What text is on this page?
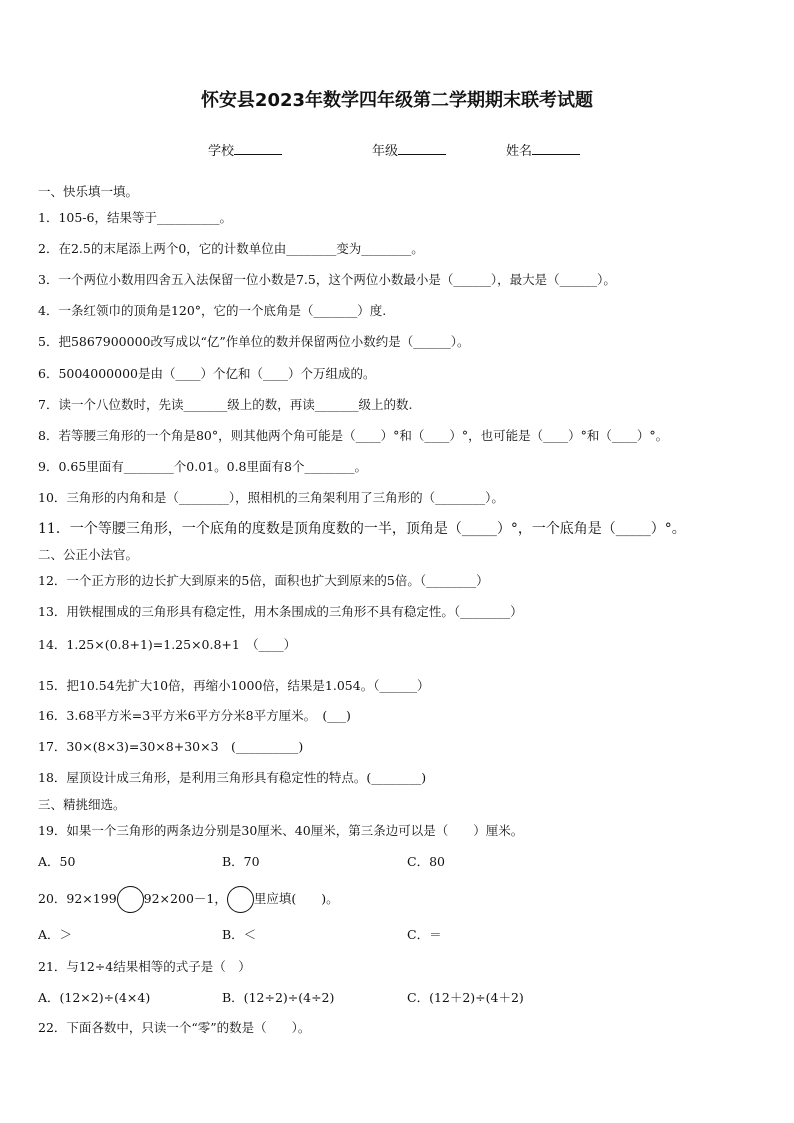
怀安县2023年数学四年级第二学期期末联考试题
学校	年级	姓名
一、快乐填一填。
1．105-6，结果等于__________。
2．在2.5的末尾添上两个0，它的计数单位由________变为________。
3．一个两位小数用四舍五入法保留一位小数是7.5，这个两位小数最小是（______），最大是（______）。
4．一条红领巾的顶角是120°，它的一个底角是（_______）度.
5．把5867900000改写成以“亿”作单位的数并保留两位小数约是（______）。
6．5004000000是由（____）个亿和（____）个万组成的。
7．读一个八位数时，先读_______级上的数，再读_______级上的数.
8．若等腰三角形的一个角是80°，则其他两个角可能是（____）°和（____）°，也可能是（____）°和（____）°。
9．0.65里面有________个0.01。0.8里面有8个________。
10．三角形的内角和是（________），照相机的三角架利用了三角形的（________）。
11．一个等腰三角形，一个底角的度数是顶角度数的一半，顶角是（_____）°，一个底角是（_____）°。
二、公正小法官。
12．一个正方形的边长扩大到原来的5倍，面积也扩大到原来的5倍。（________）
13．用铁棍围成的三角形具有稳定性，用木条围成的三角形不具有稳定性。（________）
14．1.25×(0.8+1)=1.25×0.8+1　（____）
15．把10.54先扩大10倍，再缩小1000倍，结果是1.054。（______）
16．3.68平方米=3平方米6平方分米8平方厘米。　(___)
17．30×(8×3)=30×8+30×3　(__________)
18．屋顶设计成三角形，是利用三角形具有稳定性的特点。(________)
三、精挑细选。
19．如果一个三角形的两条边分别是30厘米、40厘米，第三条边可以是（　　）厘米。
A．50	B．70	C．80
20．92×199 92×200－1， 里应填(　　)。
A．＞	B．＜	C．＝
21．与12÷4结果相等的式子是（　）
A．(12×2)÷(4×4)	B．(12÷2)÷(4÷2)	C．(12＋2)÷(4＋2)
22．下面各数中，只读一个“零”的数是（　　）。
